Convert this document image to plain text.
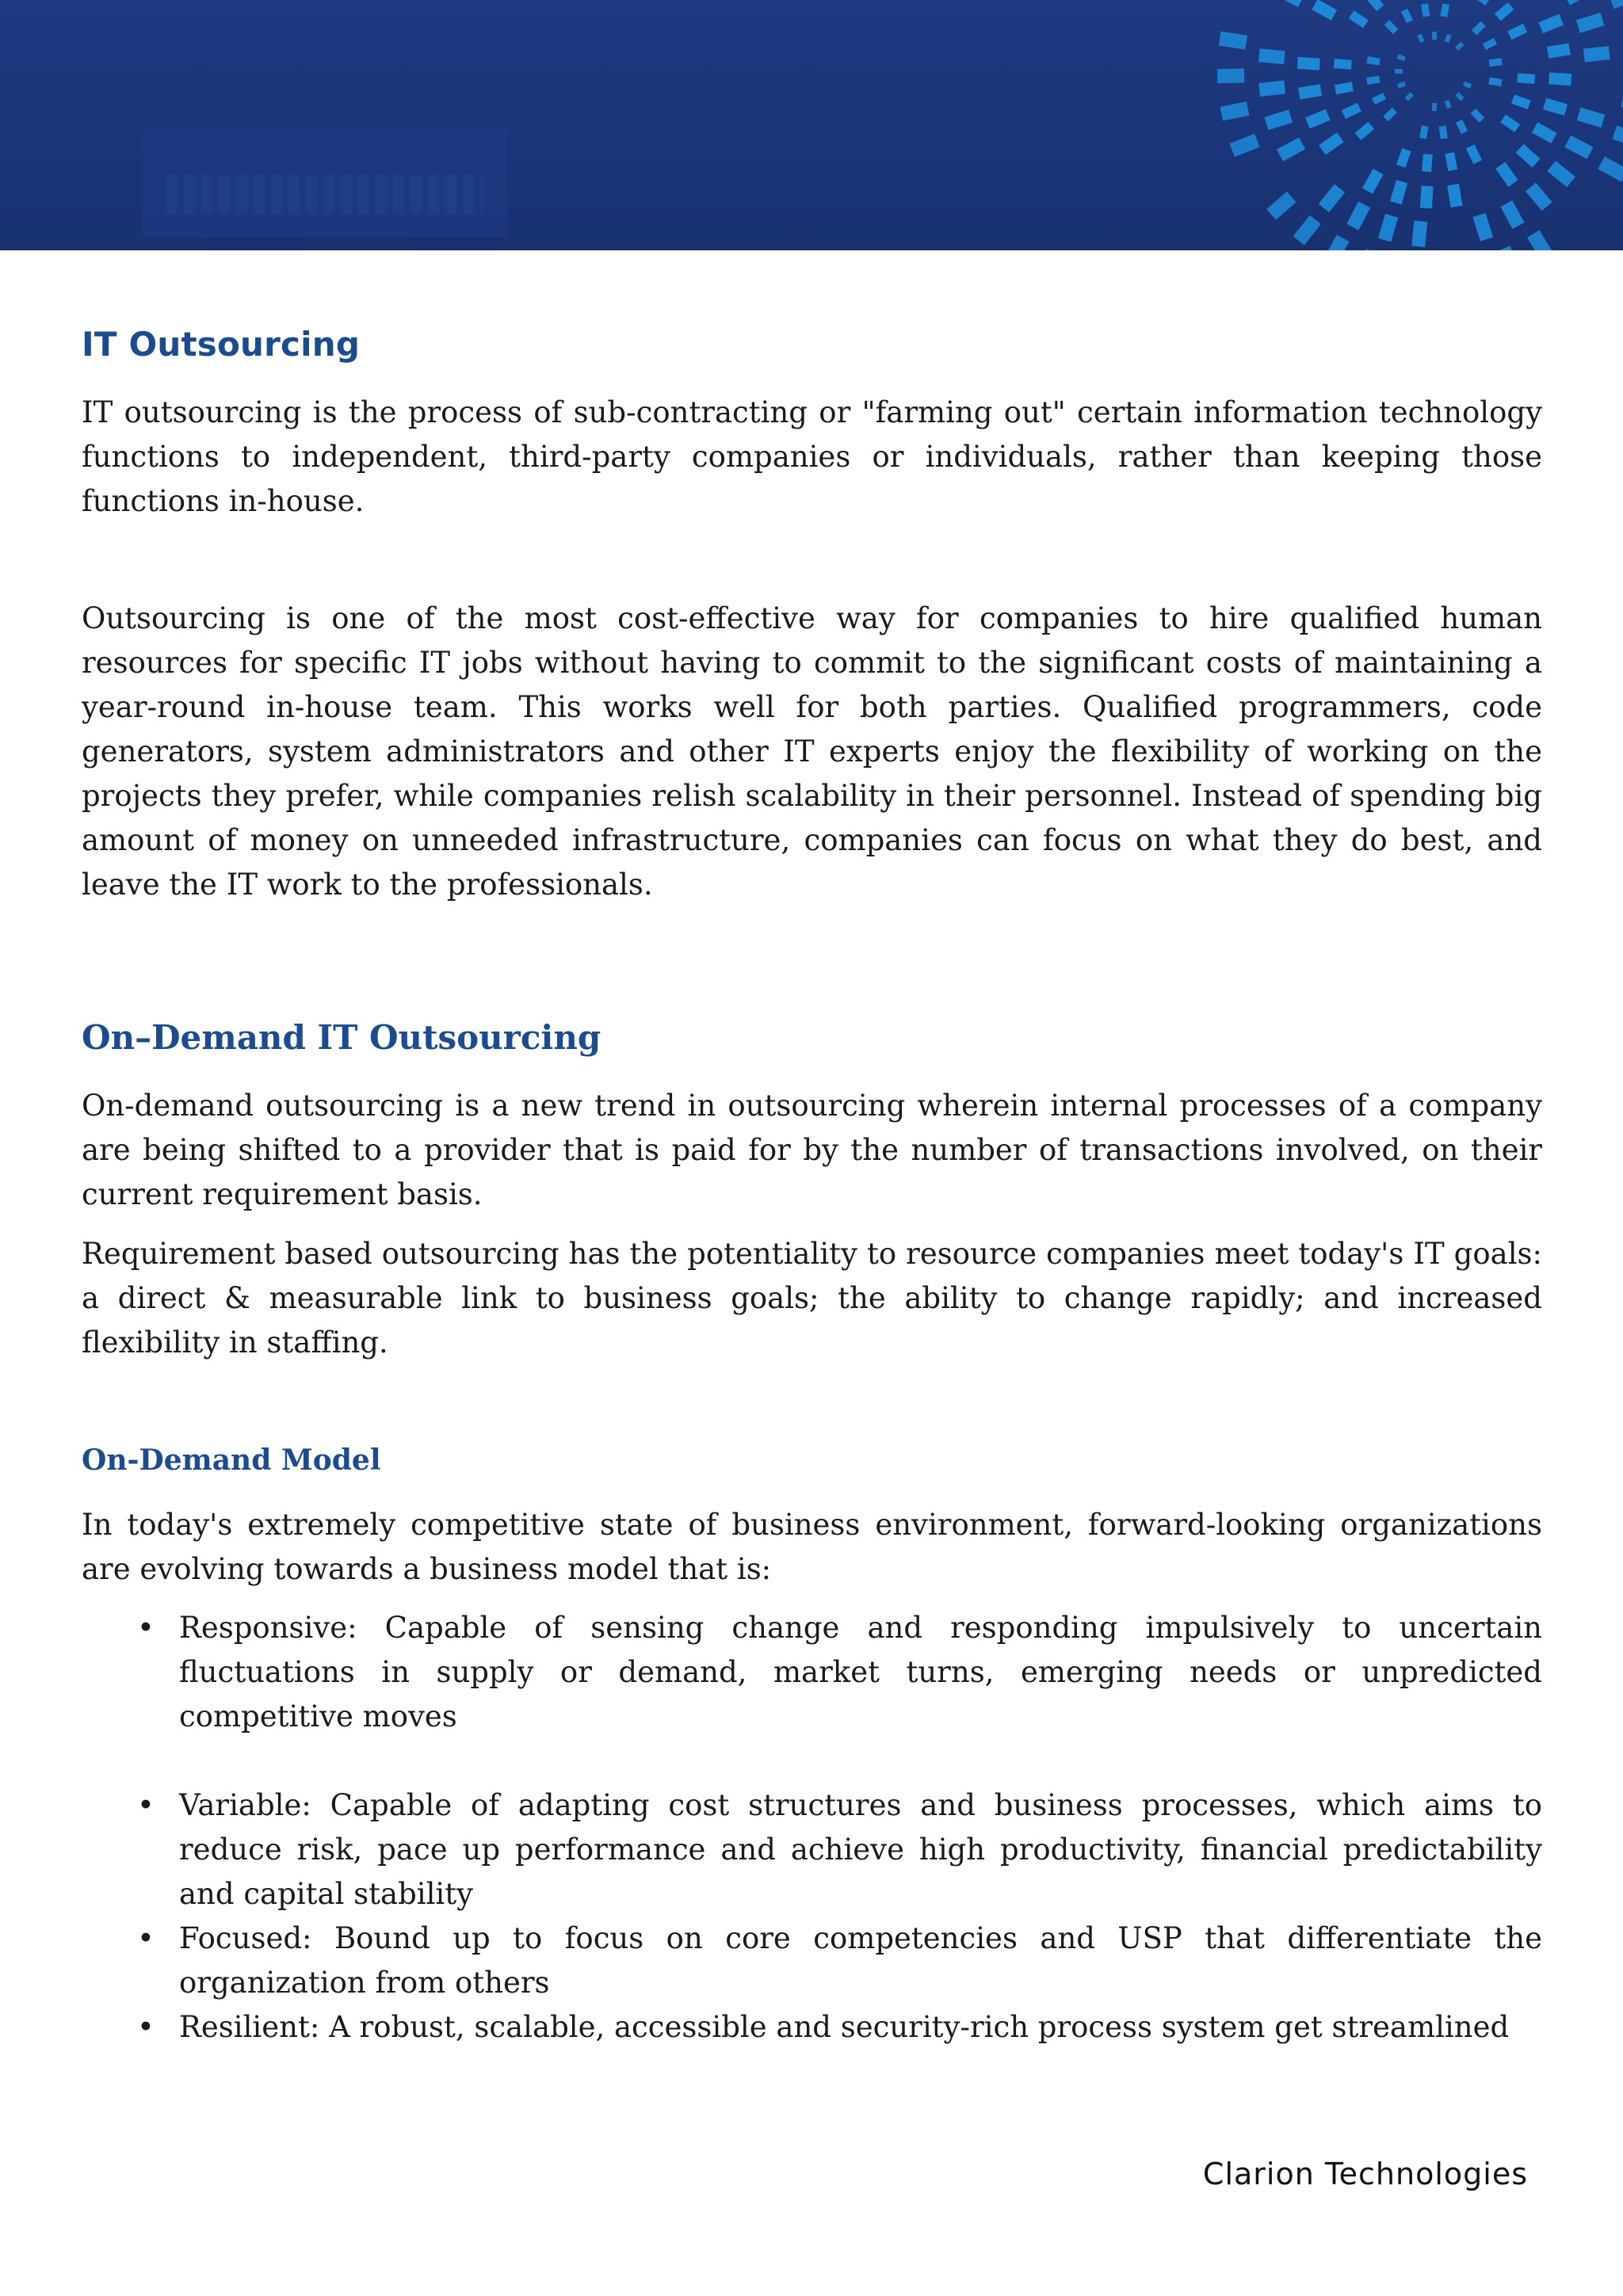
IT Outsourcing

IT outsourcing is the process of sub-contracting or "farming out" certain information technology functions to independent, third-party companies or individuals, rather than keeping those functions in-house.

Outsourcing is one of the most cost-effective way for companies to hire qualified human resources for specific IT jobs without having to commit to the significant costs of maintaining a year-round in-house team. This works well for both parties. Qualified programmers, code generators, system administrators and other IT experts enjoy the flexibility of working on the projects they prefer, while companies relish scalability in their personnel. Instead of spending big amount of money on unneeded infrastructure, companies can focus on what they do best, and leave the IT work to the professionals.

On–Demand IT Outsourcing

On-demand outsourcing is a new trend in outsourcing wherein internal processes of a company are being shifted to a provider that is paid for by the number of transactions involved, on their current requirement basis.

Requirement based outsourcing has the potentiality to resource companies meet today's IT goals: a direct & measurable link to business goals; the ability to change rapidly; and increased flexibility in staffing.

On-Demand Model

In today's extremely competitive state of business environment, forward-looking organizations are evolving towards a business model that is:

• Responsive: Capable of sensing change and responding impulsively to uncertain fluctuations in supply or demand, market turns, emerging needs or unpredicted competitive moves
• Variable: Capable of adapting cost structures and business processes, which aims to reduce risk, pace up performance and achieve high productivity, financial predictability and capital stability
• Focused: Bound up to focus on core competencies and USP that differentiate the organization from others
• Resilient: A robust, scalable, accessible and security-rich process system get streamlined
Clarion Technologies
